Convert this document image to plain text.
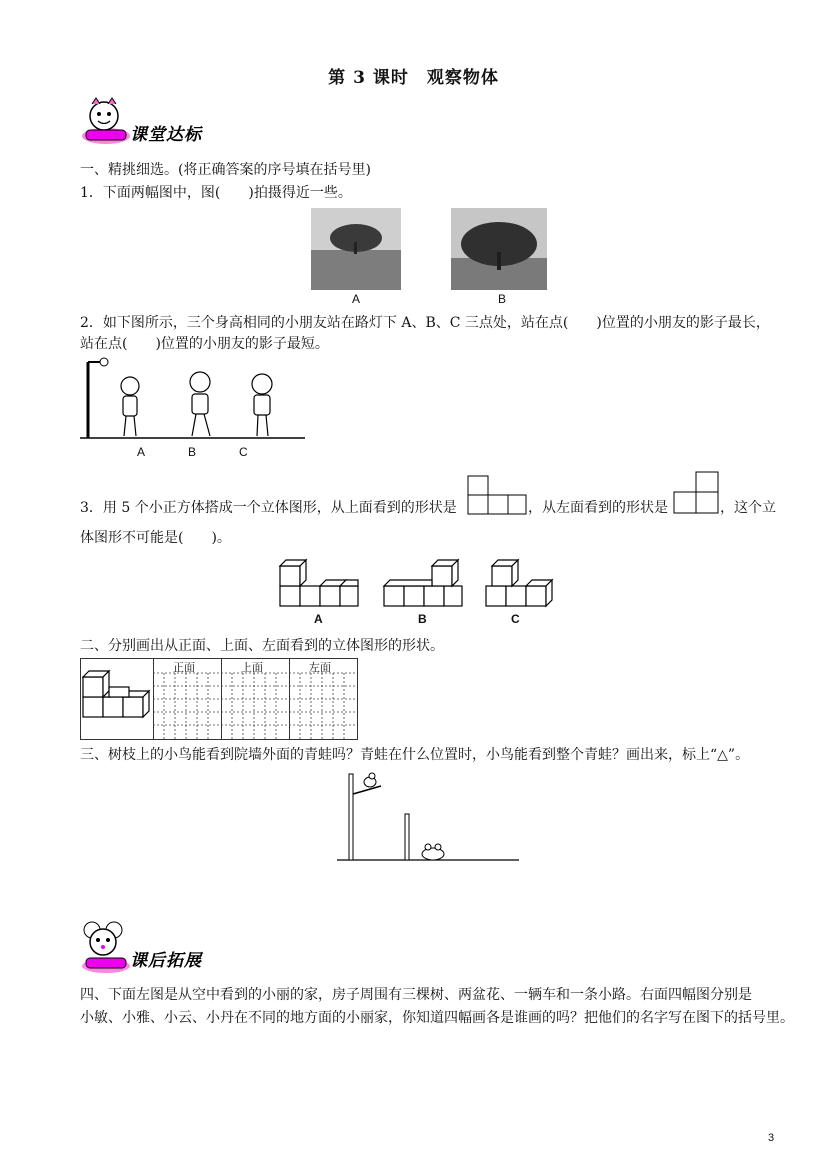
第 3 课时　观察物体
课堂达标
一、精挑细选。(将正确答案的序号填在括号里)
1．下面两幅图中，图(　　)拍摄得近一些。
A	B
2．如下图所示，三个身高相同的小朋友站在路灯下 A、B、C 三点处，站在点(　　)位置的小朋友的影子最长，
站在点(　　)位置的小朋友的影子最短。
A	B	C
3．用 5 个小正方体搭成一个立体图形，从上面看到的形状是	，从左面看到的形状是	，这个立
体图形不可能是(　　)。
A	B	C
二、分别画出从正面、上面、左面看到的立体图形的形状。
正面	上面	左面
三、树枝上的小鸟能看到院墙外面的青蛙吗？青蛙在什么位置时，小鸟能看到整个青蛙？画出来，标上“△”。
课后拓展
四、下面左图是从空中看到的小丽的家，房子周围有三棵树、两盆花、一辆车和一条小路。右面四幅图分别是
小敏、小雅、小云、小丹在不同的地方面的小丽家，你知道四幅画各是谁画的吗？把他们的名字写在图下的括号里。
3
